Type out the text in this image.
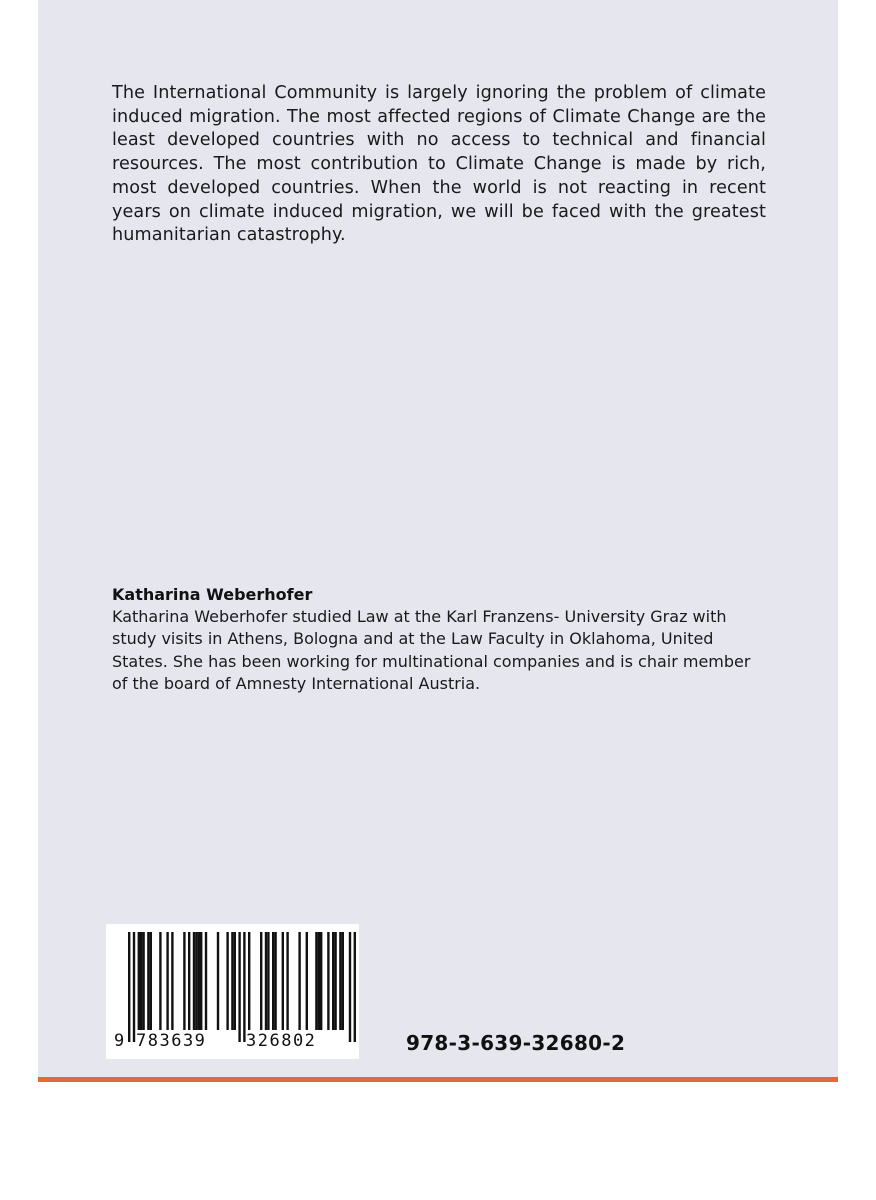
The International Community is largely ignoring the problem of climate induced migration. The most affected regions of Climate Change are the least developed countries with no access to technical and financial resources. The most contribution to Climate Change is made by rich, most developed countries. When the world is not reacting in recent years on climate induced migration, we will be faced with the greatest humanitarian catastrophy.

Katharina Weberhofer

Katharina Weberhofer studied Law at the Karl Franzens- University Graz with study visits in Athens, Bologna and at the Law Faculty in Oklahoma, United States. She has been working for multinational companies and is chair member of the board of Amnesty International Austria.

9 783639 326802	978-3-639-32680-2
